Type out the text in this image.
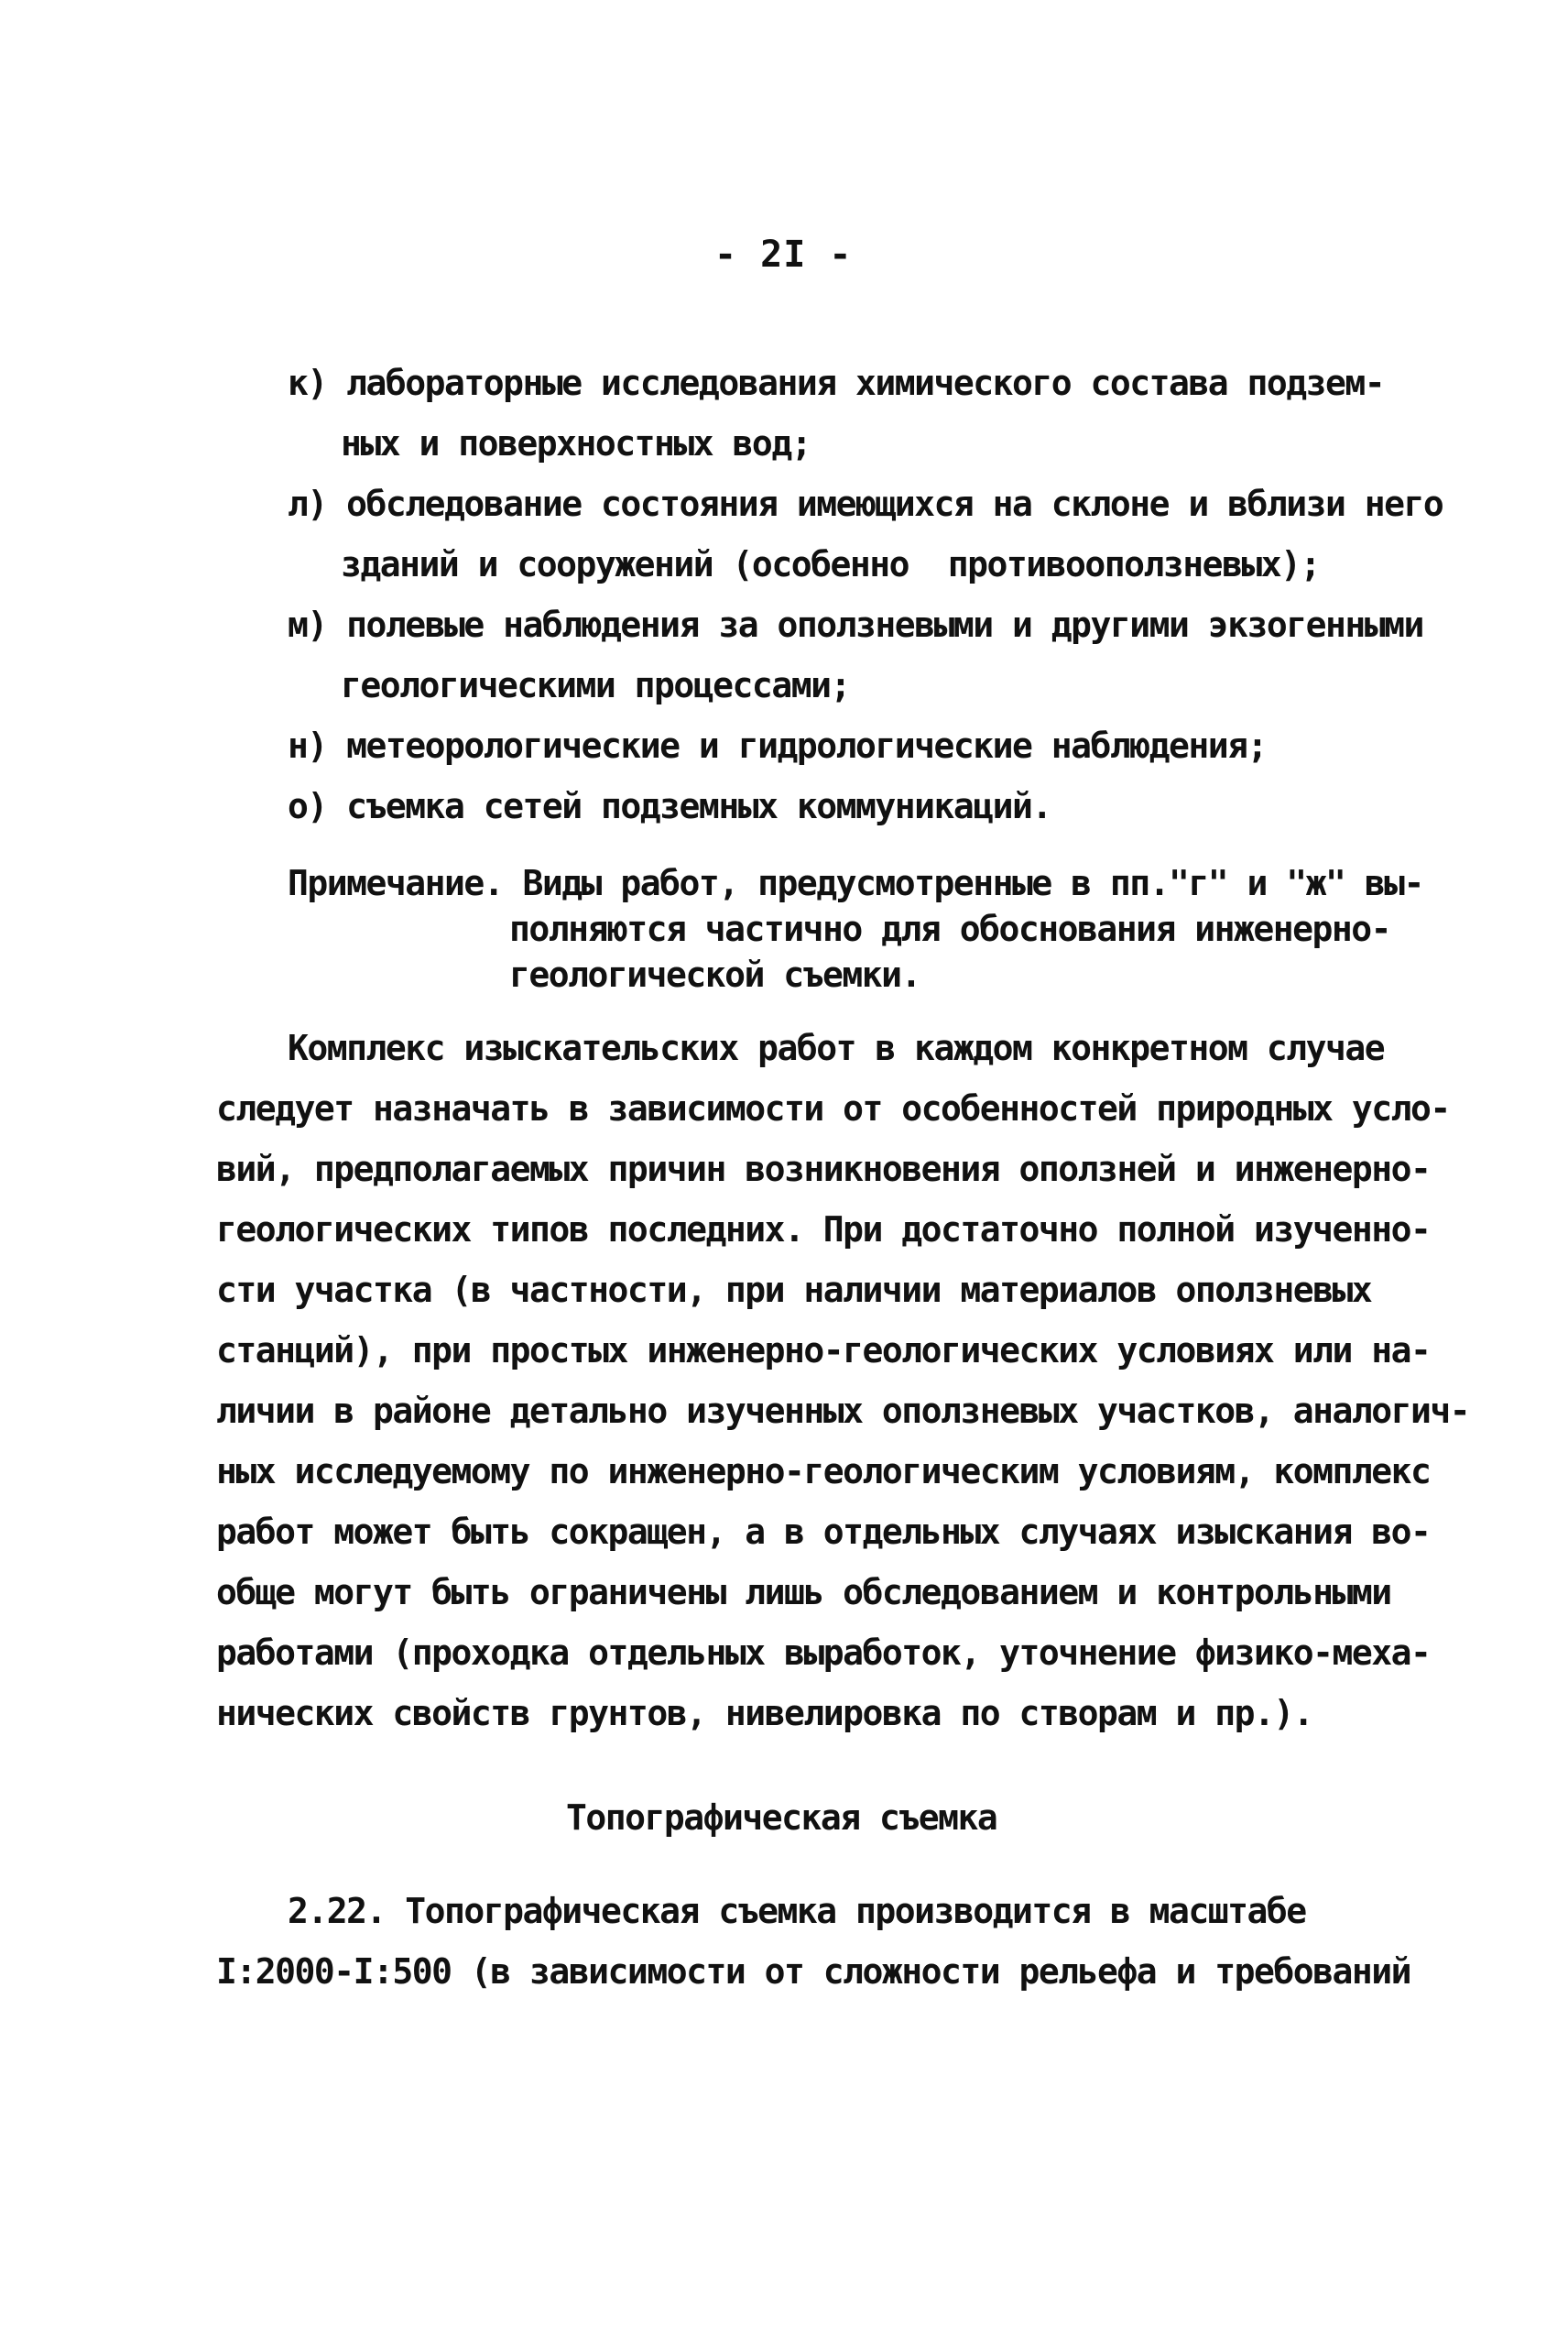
- 2I -
к) лабораторные исследования химического состава подзем-
ных и поверхностных вод;
л) обследование состояния имеющихся на склоне и вблизи него
зданий и сооружений (особенно  противооползневых);
м) полевые наблюдения за оползневыми и другими экзогенными
геологическими процессами;
н) метеорологические и гидрологические наблюдения;
о) съемка сетей подземных коммуникаций.
Примечание. Виды работ, предусмотренные в пп."г" и "ж" вы-
полняются частично для обоснования инженерно-
геологической съемки.
Комплекс изыскательских работ в каждом конкретном случае
следует назначать в зависимости от особенностей природных усло-
вий, предполагаемых причин возникновения оползней и инженерно-
геологических типов последних. При достаточно полной изученно-
сти участка (в частности, при наличии материалов оползневых
станций), при простых инженерно-геологических условиях или на-
личии в районе детально изученных оползневых участков, аналогич-
ных исследуемому по инженерно-геологическим условиям, комплекс
работ может быть сокращен, а в отдельных случаях изыскания во-
обще могут быть ограничены лишь обследованием и контрольными
работами (проходка отдельных выработок, уточнение физико-меха-
нических свойств грунтов, нивелировка по створам и пр.).
Топографическая съемка
2.22. Топографическая съемка производится в масштабе
I:2000-I:500 (в зависимости от сложности рельефа и требований
